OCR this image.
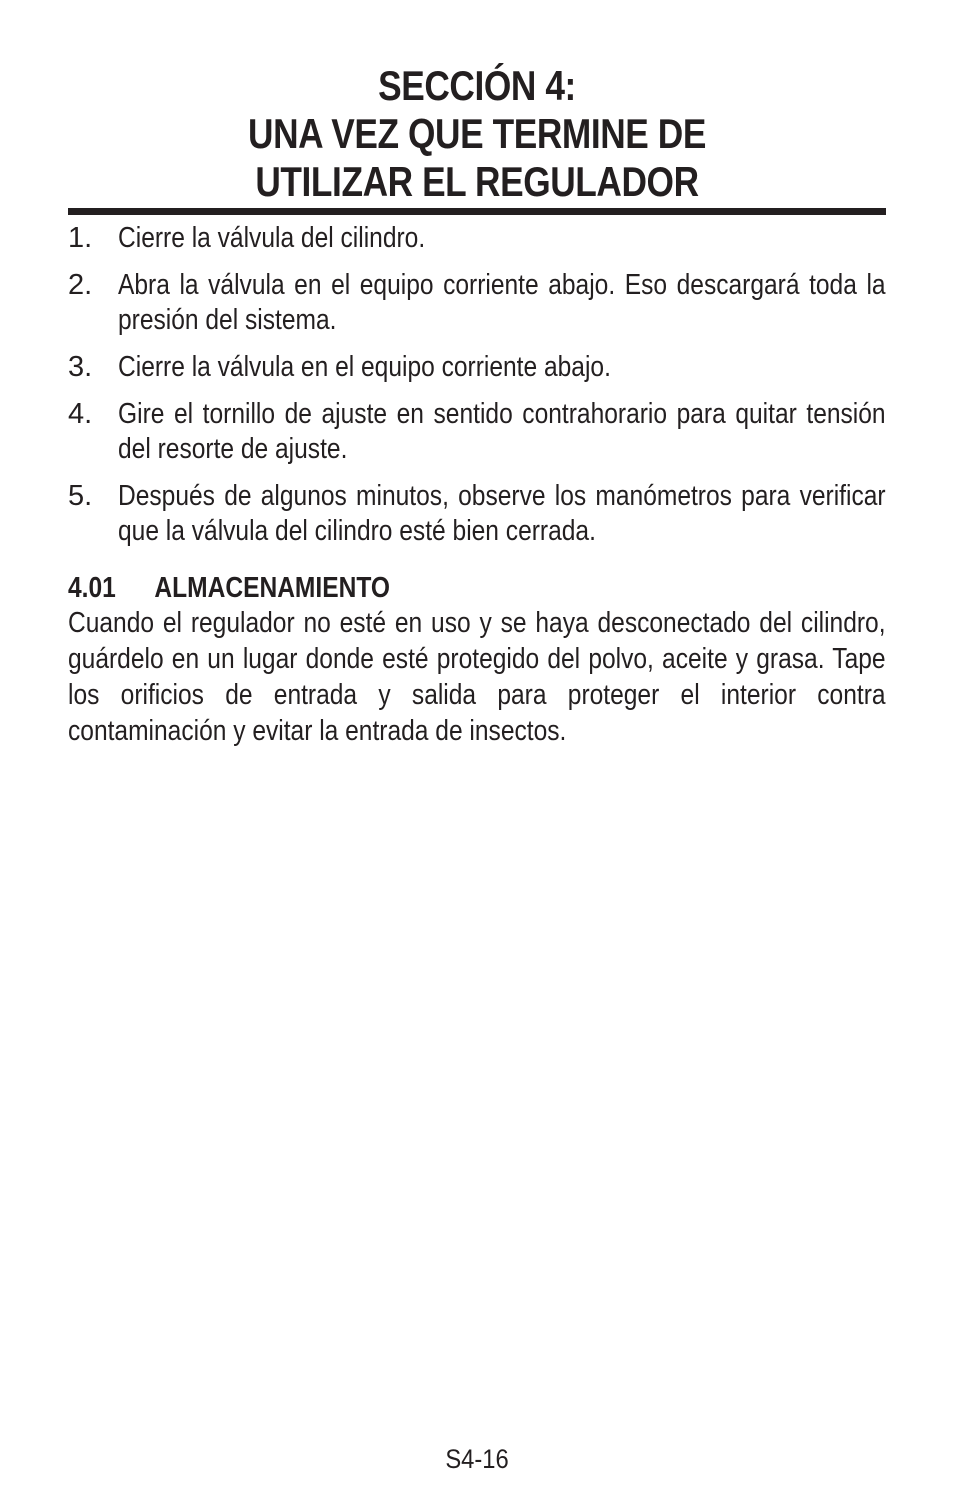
SECCIÓN 4:
UNA VEZ QUE TERMINE DE
UTILIZAR EL REGULADOR
1. Cierre la válvula del cilindro.
2. Abra la válvula en el equipo corriente abajo. Eso descargará toda la presión del sistema.
3. Cierre la válvula en el equipo corriente abajo.
4. Gire el tornillo de ajuste en sentido contrahorario para quitar tensión del resorte de ajuste.
5. Después de algunos minutos, observe los manómetros para verificar que la válvula del cilindro esté bien cerrada.
4.01 ALMACENAMIENTO
Cuando el regulador no esté en uso y se haya desconectado del cilindro, guárdelo en un lugar donde esté protegido del polvo, aceite y grasa. Tape los orificios de entrada y salida para proteger el interior contra contaminación y evitar la entrada de insectos.
S4-16
